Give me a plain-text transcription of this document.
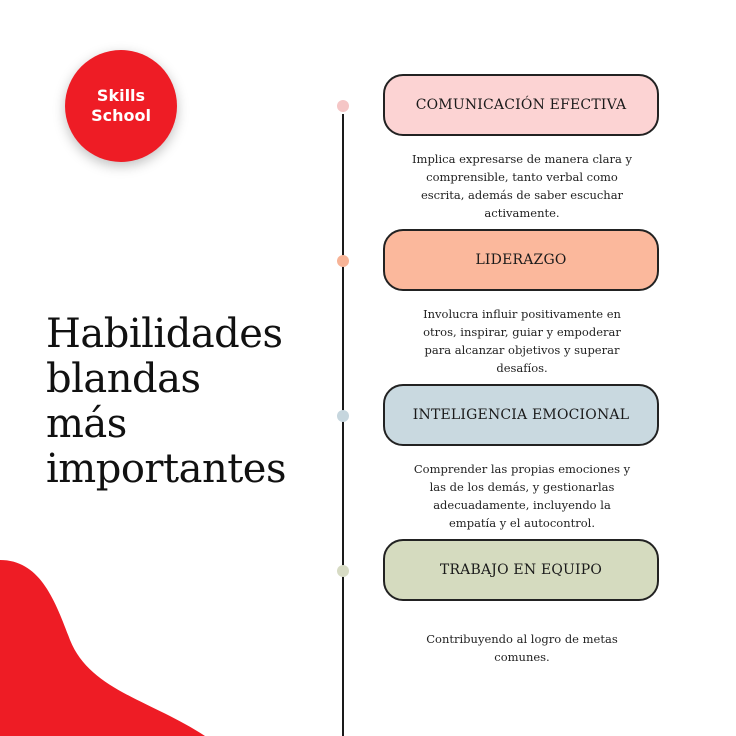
Skills
School
Habilidades
blandas
más
importantes
COMUNICACIÓN EFECTIVA
Implica expresarse de manera clara y
comprensible, tanto verbal como
escrita, además de saber escuchar
activamente.
LIDERAZGO
Involucra influir positivamente en
otros, inspirar, guiar y empoderar
para alcanzar objetivos y superar
desafíos.
INTELIGENCIA EMOCIONAL
Comprender las propias emociones y
las de los demás, y gestionarlas
adecuadamente, incluyendo la
empatía y el autocontrol.
TRABAJO EN EQUIPO
Contribuyendo al logro de metas
comunes.
